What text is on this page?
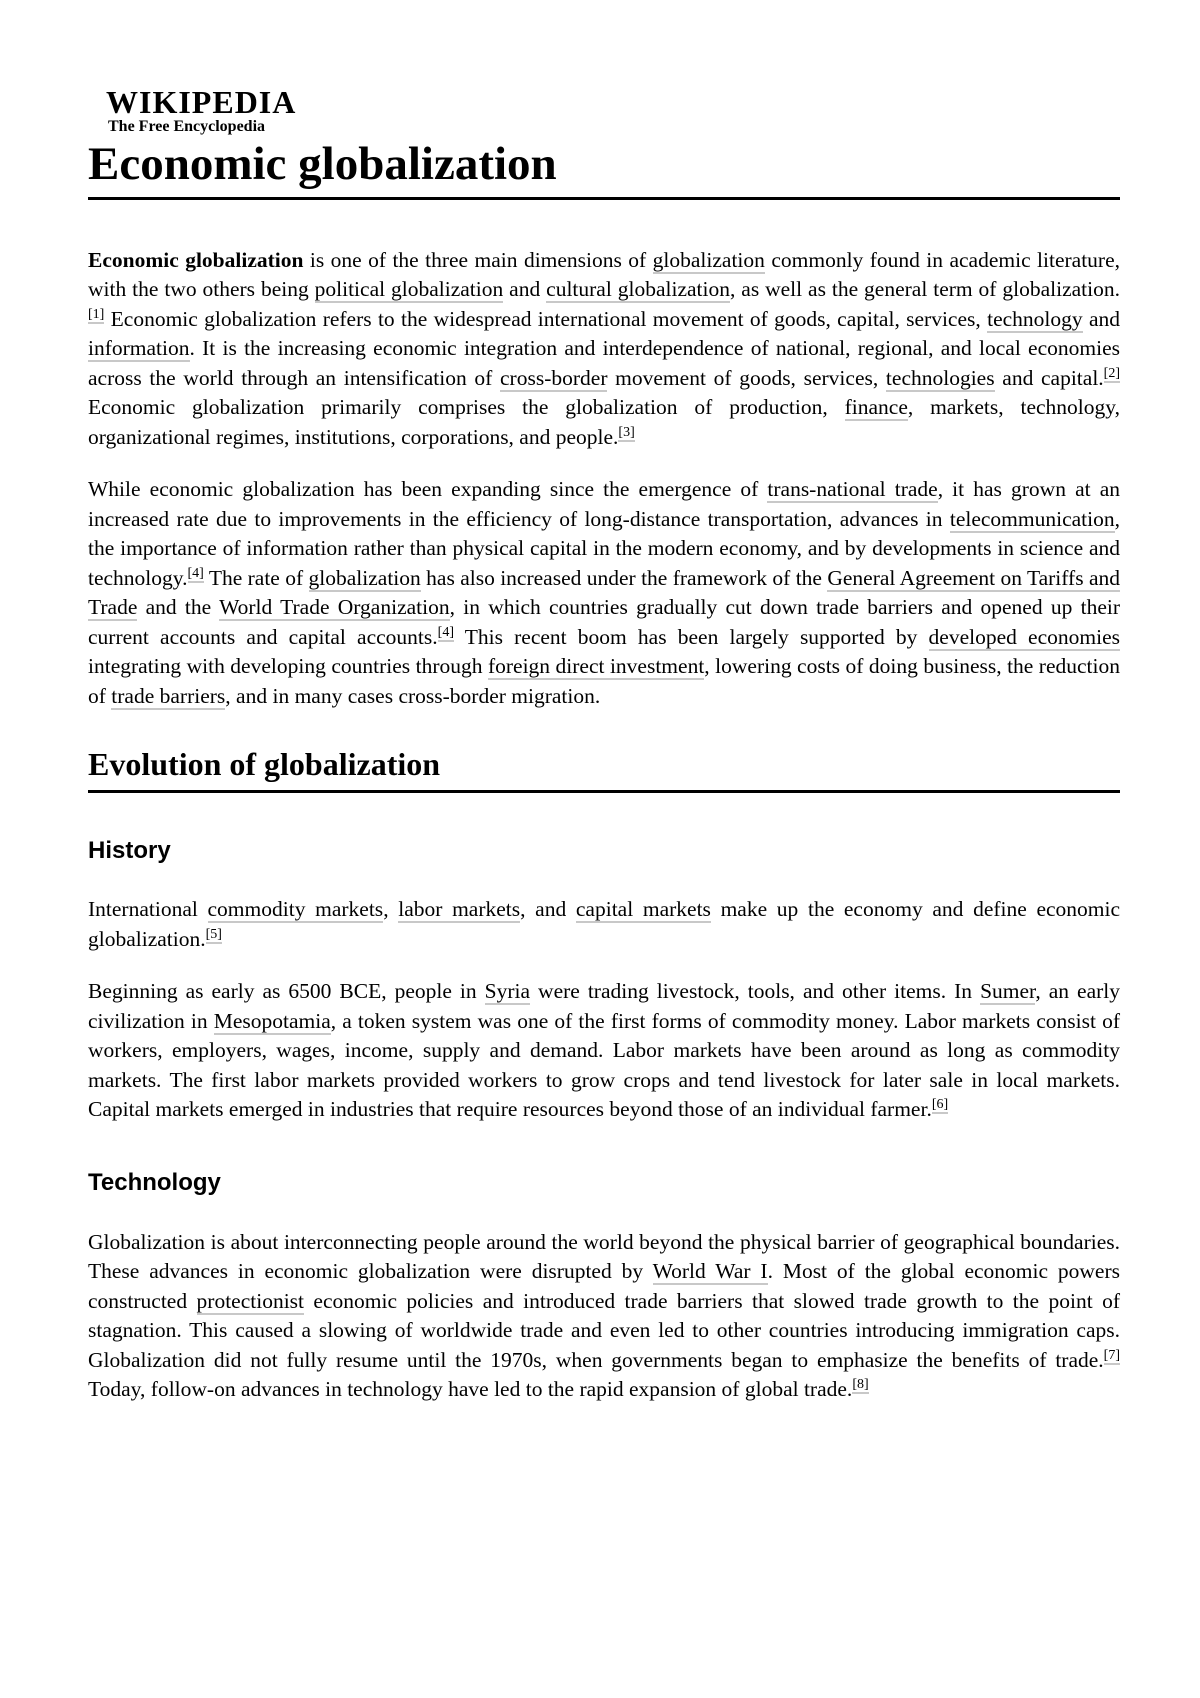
WIKIPEDIA
The Free Encyclopedia
Economic globalization

Economic globalization is one of the three main dimensions of globalization commonly found in academic literature, with the two others being political globalization and cultural globalization, as well as the general term of globalization.[1] Economic globalization refers to the widespread international movement of goods, capital, services, technology and information. It is the increasing economic integration and interdependence of national, regional, and local economies across the world through an intensification of cross-border movement of goods, services, technologies and capital.[2] Economic globalization primarily comprises the globalization of production, finance, markets, technology, organizational regimes, institutions, corporations, and people.[3]

While economic globalization has been expanding since the emergence of trans-national trade, it has grown at an increased rate due to improvements in the efficiency of long-distance transportation, advances in telecommunication, the importance of information rather than physical capital in the modern economy, and by developments in science and technology.[4] The rate of globalization has also increased under the framework of the General Agreement on Tariffs and Trade and the World Trade Organization, in which countries gradually cut down trade barriers and opened up their current accounts and capital accounts.[4] This recent boom has been largely supported by developed economies integrating with developing countries through foreign direct investment, lowering costs of doing business, the reduction of trade barriers, and in many cases cross-border migration.

Evolution of globalization
History

International commodity markets, labor markets, and capital markets make up the economy and define economic globalization.[5]

Beginning as early as 6500 BCE, people in Syria were trading livestock, tools, and other items. In Sumer, an early civilization in Mesopotamia, a token system was one of the first forms of commodity money. Labor markets consist of workers, employers, wages, income, supply and demand. Labor markets have been around as long as commodity markets. The first labor markets provided workers to grow crops and tend livestock for later sale in local markets. Capital markets emerged in industries that require resources beyond those of an individual farmer.[6]

Technology

Globalization is about interconnecting people around the world beyond the physical barrier of geographical boundaries. These advances in economic globalization were disrupted by World War I. Most of the global economic powers constructed protectionist economic policies and introduced trade barriers that slowed trade growth to the point of stagnation. This caused a slowing of worldwide trade and even led to other countries introducing immigration caps. Globalization did not fully resume until the 1970s, when governments began to emphasize the benefits of trade.[7] Today, follow-on advances in technology have led to the rapid expansion of global trade.[8]
